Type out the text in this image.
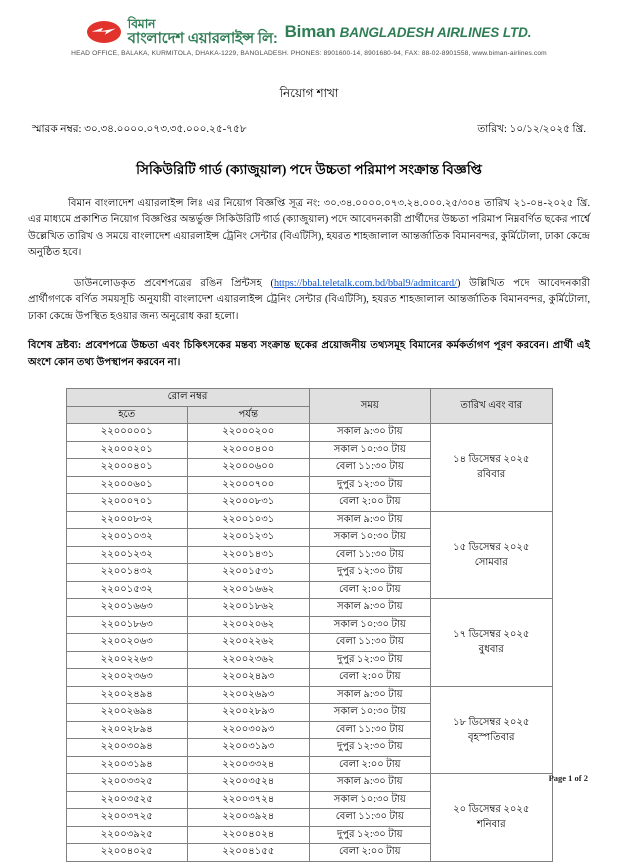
বিমান
বাংলাদেশ এয়ারলাইন্স লি: Biman BANGLADESH AIRLINES LTD.
HEAD OFFICE, BALAKA, KURMITOLA, DHAKA-1229, BANGLADESH. PHONES: 8901600-14, 8901680-94, FAX: 88-02-8901558, www.biman-airlines.com
নিয়োগ শাখা
স্মারক নম্বর: ৩০.৩৪.০০০০.০৭৩.৩৫.০০০.২৫-৭৫৮	তারিখ: ১০/১২/২০২৫ খ্রি.
সিকিউরিটি গার্ড (ক্যাজুয়াল) পদে উচ্চতা পরিমাপ সংক্রান্ত বিজ্ঞপ্তি

বিমান বাংলাদেশ এয়ারলাইন্স লিঃ এর নিয়োগ বিজ্ঞপ্তি সূত্র নং: ৩০.৩৪.০০০০.০৭৩.২৪.০০০.২৫/৩০৪ তারিখ ২১-০৪-২০২৫ খ্রি. এর মাধ্যমে প্রকাশিত নিয়োগ বিজ্ঞপ্তির অন্তর্ভুক্ত সিকিউরিটি গার্ড (ক্যাজুয়াল) পদে আবেদনকারী প্রার্থীদের উচ্চতা পরিমাপ নিম্নবর্ণিত ছকের পার্শ্বে উল্লেখিত তারিখ ও সময়ে বাংলাদেশ এয়ারলাইন্স ট্রেনিং সেন্টার (বিএটিসি), হযরত শাহজালাল আন্তর্জাতিক বিমানবন্দর, কুর্মিটোলা, ঢাকা কেন্দ্রে অনুষ্ঠিত হবে।

ডাউনলোডকৃত প্রবেশপত্রের রঙিন প্রিন্টসহ (https://bbal.teletalk.com.bd/bbal9/admitcard/) উল্লিখিত পদে আবেদনকারী প্রার্থীগণকে বর্ণিত সময়সূচি অনুযায়ী বাংলাদেশ এয়ারলাইন্স ট্রেনিং সেন্টার (বিএটিসি), হযরত শাহজালাল আন্তর্জাতিক বিমানবন্দর, কুর্মিটোলা, ঢাকা কেন্দ্রে উপস্থিত হওয়ার জন্য অনুরোধ করা হলো।

বিশেষ দ্রষ্টব্য: প্রবেশপত্রে উচ্চতা এবং চিকিৎসকের মন্তব্য সংক্রান্ত ছকের প্রয়োজনীয় তথ্যসমূহ বিমানের কর্মকর্তাগণ পূরণ করবেন। প্রার্থী এই অংশে কোন তথ্য উপস্থাপন করবেন না।

রোল নম্বর		সময়	তারিখ এবং বার
হতে	পর্যন্ত		
২২০০০০০১	২২০০০২০০	সকাল ৯:৩০ টায়	১৪ ডিসেম্বর ২০২৫
রবিবার

২২০০০২০১	২২০০০৪০০	সকাল ১০:৩০ টায়	
২২০০০৪০১	২২০০০৬০০	বেলা ১১:৩০ টায়	
২২০০০৬০১	২২০০০৭০০	দুপুর ১২:৩০ টায়	
২২০০০৭০১	২২০০০৮৩১	বেলা ২:০০ টায়	
২২০০০৮৩২	২২০০১০৩১	সকাল ৯:৩০ টায়	১৫ ডিসেম্বর ২০২৫
সোমবার

২২০০১০৩২	২২০০১২৩১	সকাল ১০:৩০ টায়	
২২০০১২৩২	২২০০১৪৩১	বেলা ১১:৩০ টায়	
২২০০১৪৩২	২২০০১৫৩১	দুপুর ১২:৩০ টায়	
২২০০১৫৩২	২২০০১৬৬২	বেলা ২:০০ টায়	
২২০০১৬৬৩	২২০০১৮৬২	সকাল ৯:৩০ টায়	১৭ ডিসেম্বর ২০২৫
বুধবার

২২০০১৮৬৩	২২০০২০৬২	সকাল ১০:৩০ টায়	
২২০০২০৬৩	২২০০২২৬২	বেলা ১১:৩০ টায়	
২২০০২২৬৩	২২০০২৩৬২	দুপুর ১২:৩০ টায়	
২২০০২৩৬৩	২২০০২৪৯৩	বেলা ২:০০ টায়	
২২০০২৪৯৪	২২০০২৬৯৩	সকাল ৯:৩০ টায়	১৮ ডিসেম্বর ২০২৫
বৃহস্পতিবার

২২০০২৬৯৪	২২০০২৮৯৩	সকাল ১০:৩০ টায়	
২২০০২৮৯৪	২২০০৩০৯৩	বেলা ১১:৩০ টায়	
২২০০৩০৯৪	২২০০৩১৯৩	দুপুর ১২:৩০ টায়	
২২০০৩১৯৪	২২০০৩৩২৪	বেলা ২:০০ টায়	
২২০০৩৩২৫	২২০০৩৫২৪	সকাল ৯:৩০ টায়	২০ ডিসেম্বর ২০২৫
শনিবার

২২০০৩৫২৫	২২০০৩৭২৪	সকাল ১০:৩০ টায়	
২২০০৩৭২৫	২২০০৩৯২৪	বেলা ১১:৩০ টায়	
২২০০৩৯২৫	২২০০৪০২৪	দুপুর ১২:৩০ টায়	
২২০০৪০২৫	২২০০৪১৫৫	বেলা ২:০০ টায়	
Page 1 of 2
